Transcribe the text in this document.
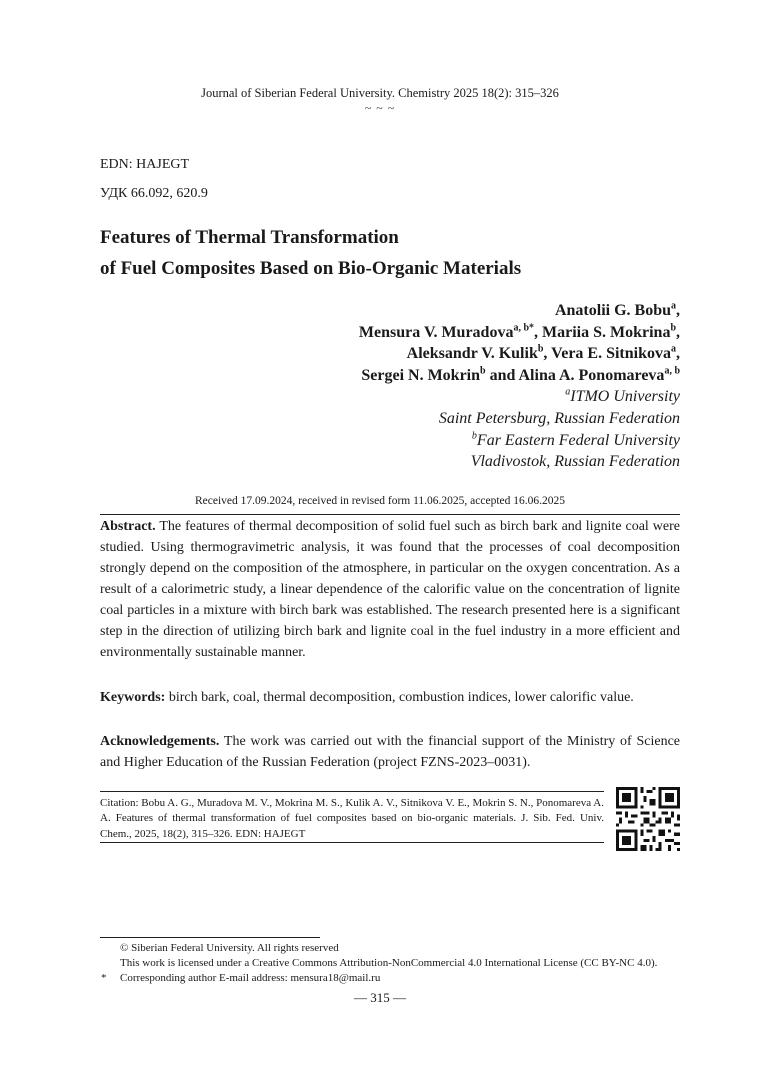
Journal of Siberian Federal University. Chemistry 2025 18(2): 315–326
~ ~ ~
EDN: HAJEGT
УДК 66.092, 620.9
Features of Thermal Transformation
of Fuel Composites Based on Bio-Organic Materials
Anatolii G. Bobu$^a$,
Mensura V. Muradova$^{a, b*}$, Mariia S. Mokrina$^b$,
Aleksandr V. Kulik$^b$, Vera E. Sitnikova$^a$,
Sergei N. Mokrin$^b$ and Alina A. Ponomareva$^{a, b}$
$^a$ITMO University
Saint Petersburg, Russian Federation
$^b$Far Eastern Federal University
Vladivostok, Russian Federation
Received 17.09.2024, received in revised form 11.06.2025, accepted 16.06.2025
Abstract. The features of thermal decomposition of solid fuel such as birch bark and lignite coal were studied. Using thermogravimetric analysis, it was found that the processes of coal decomposition strongly depend on the composition of the atmosphere, in particular on the oxygen concentration. As a result of a calorimetric study, a linear dependence of the calorific value on the concentration of lignite coal particles in a mixture with birch bark was established. The research presented here is a significant step in the direction of utilizing birch bark and lignite coal in the fuel industry in a more efficient and environmentally sustainable manner.
Keywords: birch bark, coal, thermal decomposition, combustion indices, lower calorific value.
Acknowledgements. The work was carried out with the financial support of the Ministry of Science and Higher Education of the Russian Federation (project FZNS-2023–0031).
Citation: Bobu A. G., Muradova M. V., Mokrina M. S., Kulik A. V., Sitnikova V. E., Mokrin S. N., Ponomareva A. A. Features of thermal transformation of fuel composites based on bio-organic materials. J. Sib. Fed. Univ. Chem., 2025, 18(2), 315–326. EDN: HAJEGT
© Siberian Federal University. All rights reserved
This work is licensed under a Creative Commons Attribution-NonCommercial 4.0 International License (CC BY-NC 4.0).
* Corresponding author E-mail address: mensura18@mail.ru
— 315 —
